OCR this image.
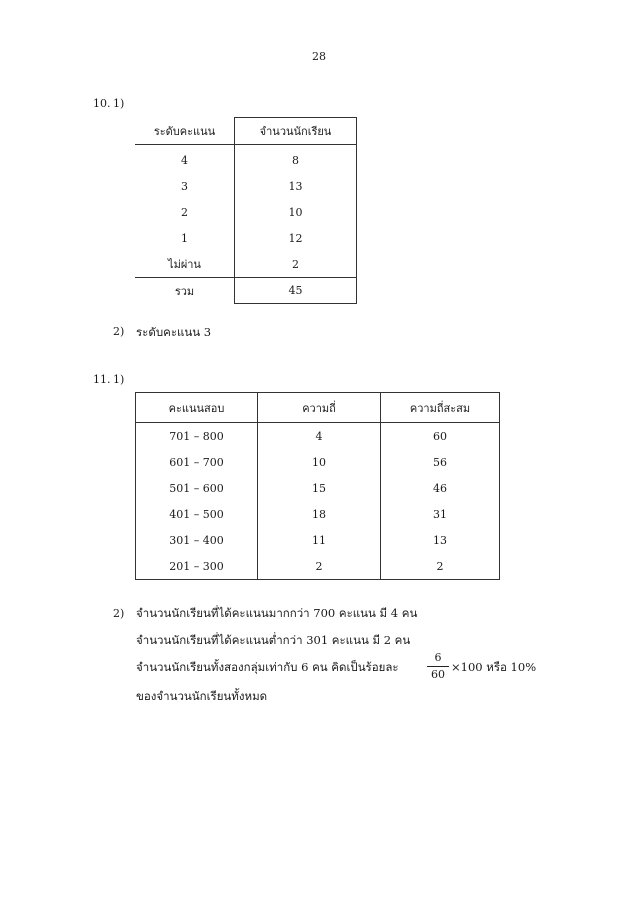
28
10. 1)
ระดับคะแนน	จำนวนนักเรียน
4	8
3	13
2	10
1	12
ไม่ผ่าน	2
รวม	45
2) ระดับคะแนน 3
11. 1)
คะแนนสอบ	ความถี่	ความถี่สะสม
701 – 800	4	60
601 – 700	10	56
501 – 600	15	46
401 – 500	18	31
301 – 400	11	13
201 – 300	2	2
2) จำนวนนักเรียนที่ได้คะแนนมากกว่า 700 คะแนน มี 4 คน
จำนวนนักเรียนที่ได้คะแนนต่ำกว่า 301 คะแนน มี 2 คน
จำนวนนักเรียนทั้งสองกลุ่มเท่ากับ 6 คน คิดเป็นร้อยละ	$\frac{6}{60} \times 100$ หรือ 10%
ของจำนวนนักเรียนทั้งหมด
